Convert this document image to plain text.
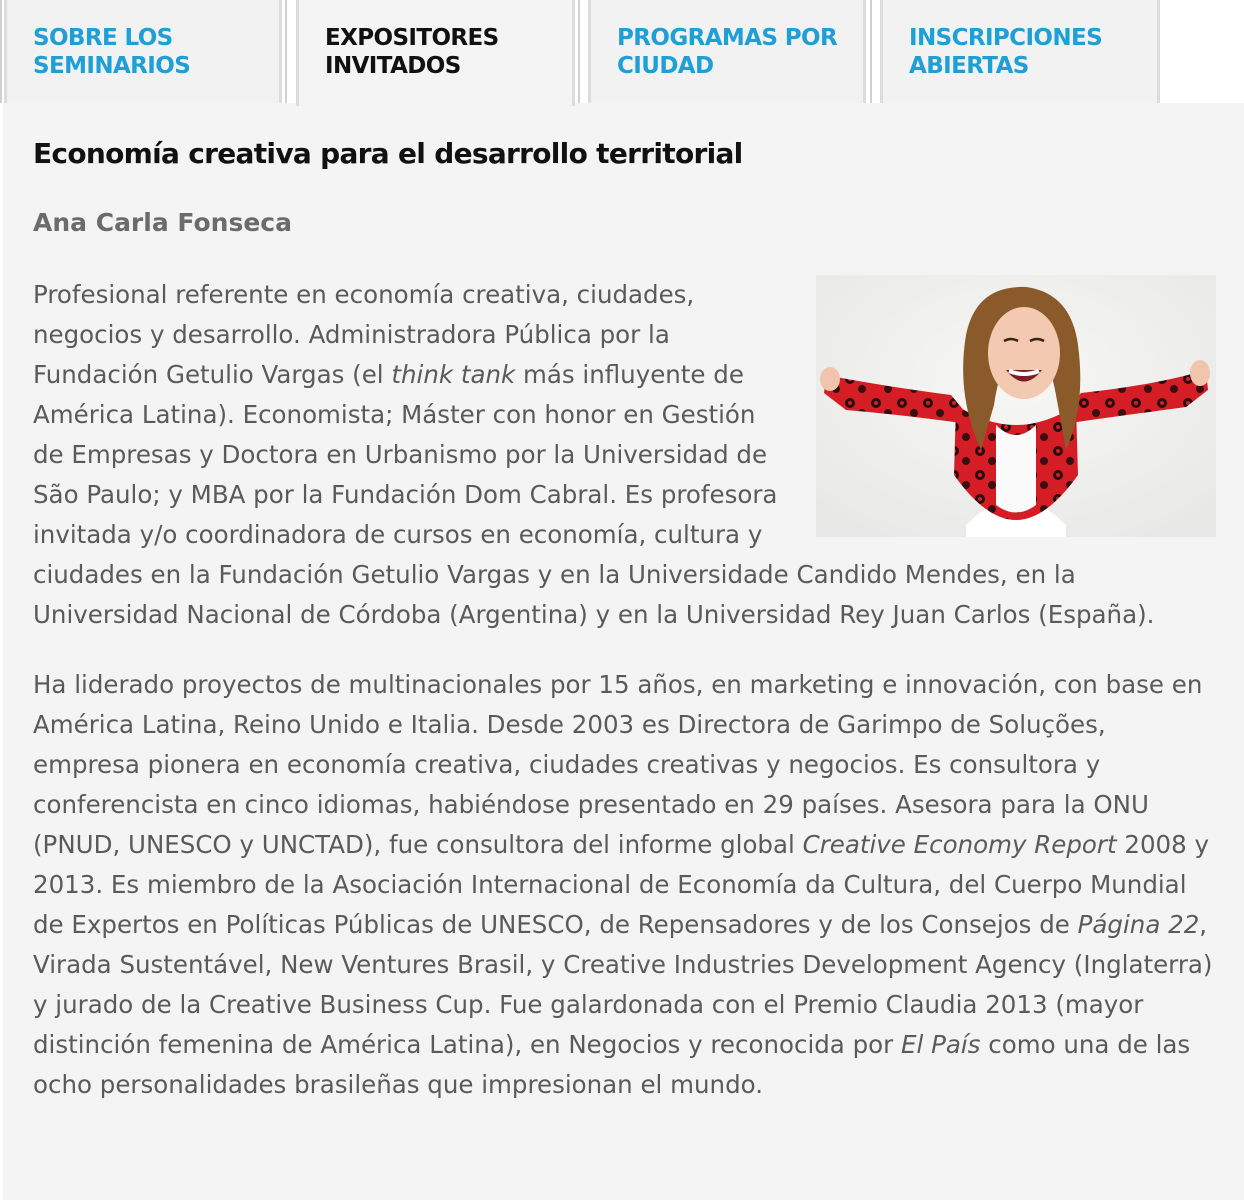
SOBRE LOS
SEMINARIOS
EXPOSITORES
INVITADOS
PROGRAMAS POR
CIUDAD
INSCRIPCIONES
ABIERTAS
Economía creativa para el desarrollo territorial
Ana Carla Fonseca

Profesional referente en economía creativa, ciudades, negocios y desarrollo. Administradora Pública por la Fundación Getulio Vargas (el think tank más influyente de América Latina). Economista; Máster con honor en Gestión de Empresas y Doctora en Urbanismo por la Universidad de São Paulo; y MBA por la Fundación Dom Cabral. Es profesora invitada y/o coordinadora de cursos en economía, cultura y ciudades en la Fundación Getulio Vargas y en la Universidade Candido Mendes, en la Universidad Nacional de Córdoba (Argentina) y en la Universidad Rey Juan Carlos (España).

Ha liderado proyectos de multinacionales por 15 años, en marketing e innovación, con base en América Latina, Reino Unido e Italia. Desde 2003 es Directora de Garimpo de Soluções, empresa pionera en economía creativa, ciudades creativas y negocios. Es consultora y conferencista en cinco idiomas, habiéndose presentado en 29 países. Asesora para la ONU (PNUD, UNESCO y UNCTAD), fue consultora del informe global Creative Economy Report 2008 y 2013. Es miembro de la Asociación Internacional de Economía da Cultura, del Cuerpo Mundial de Expertos en Políticas Públicas de UNESCO, de Repensadores y de los Consejos de Página 22, Virada Sustentável, New Ventures Brasil, y Creative Industries Development Agency (Inglaterra) y jurado de la Creative Business Cup. Fue galardonada con el Premio Claudia 2013 (mayor distinción femenina de América Latina), en Negocios y reconocida por El País como una de las ocho personalidades brasileñas que impresionan el mundo.
